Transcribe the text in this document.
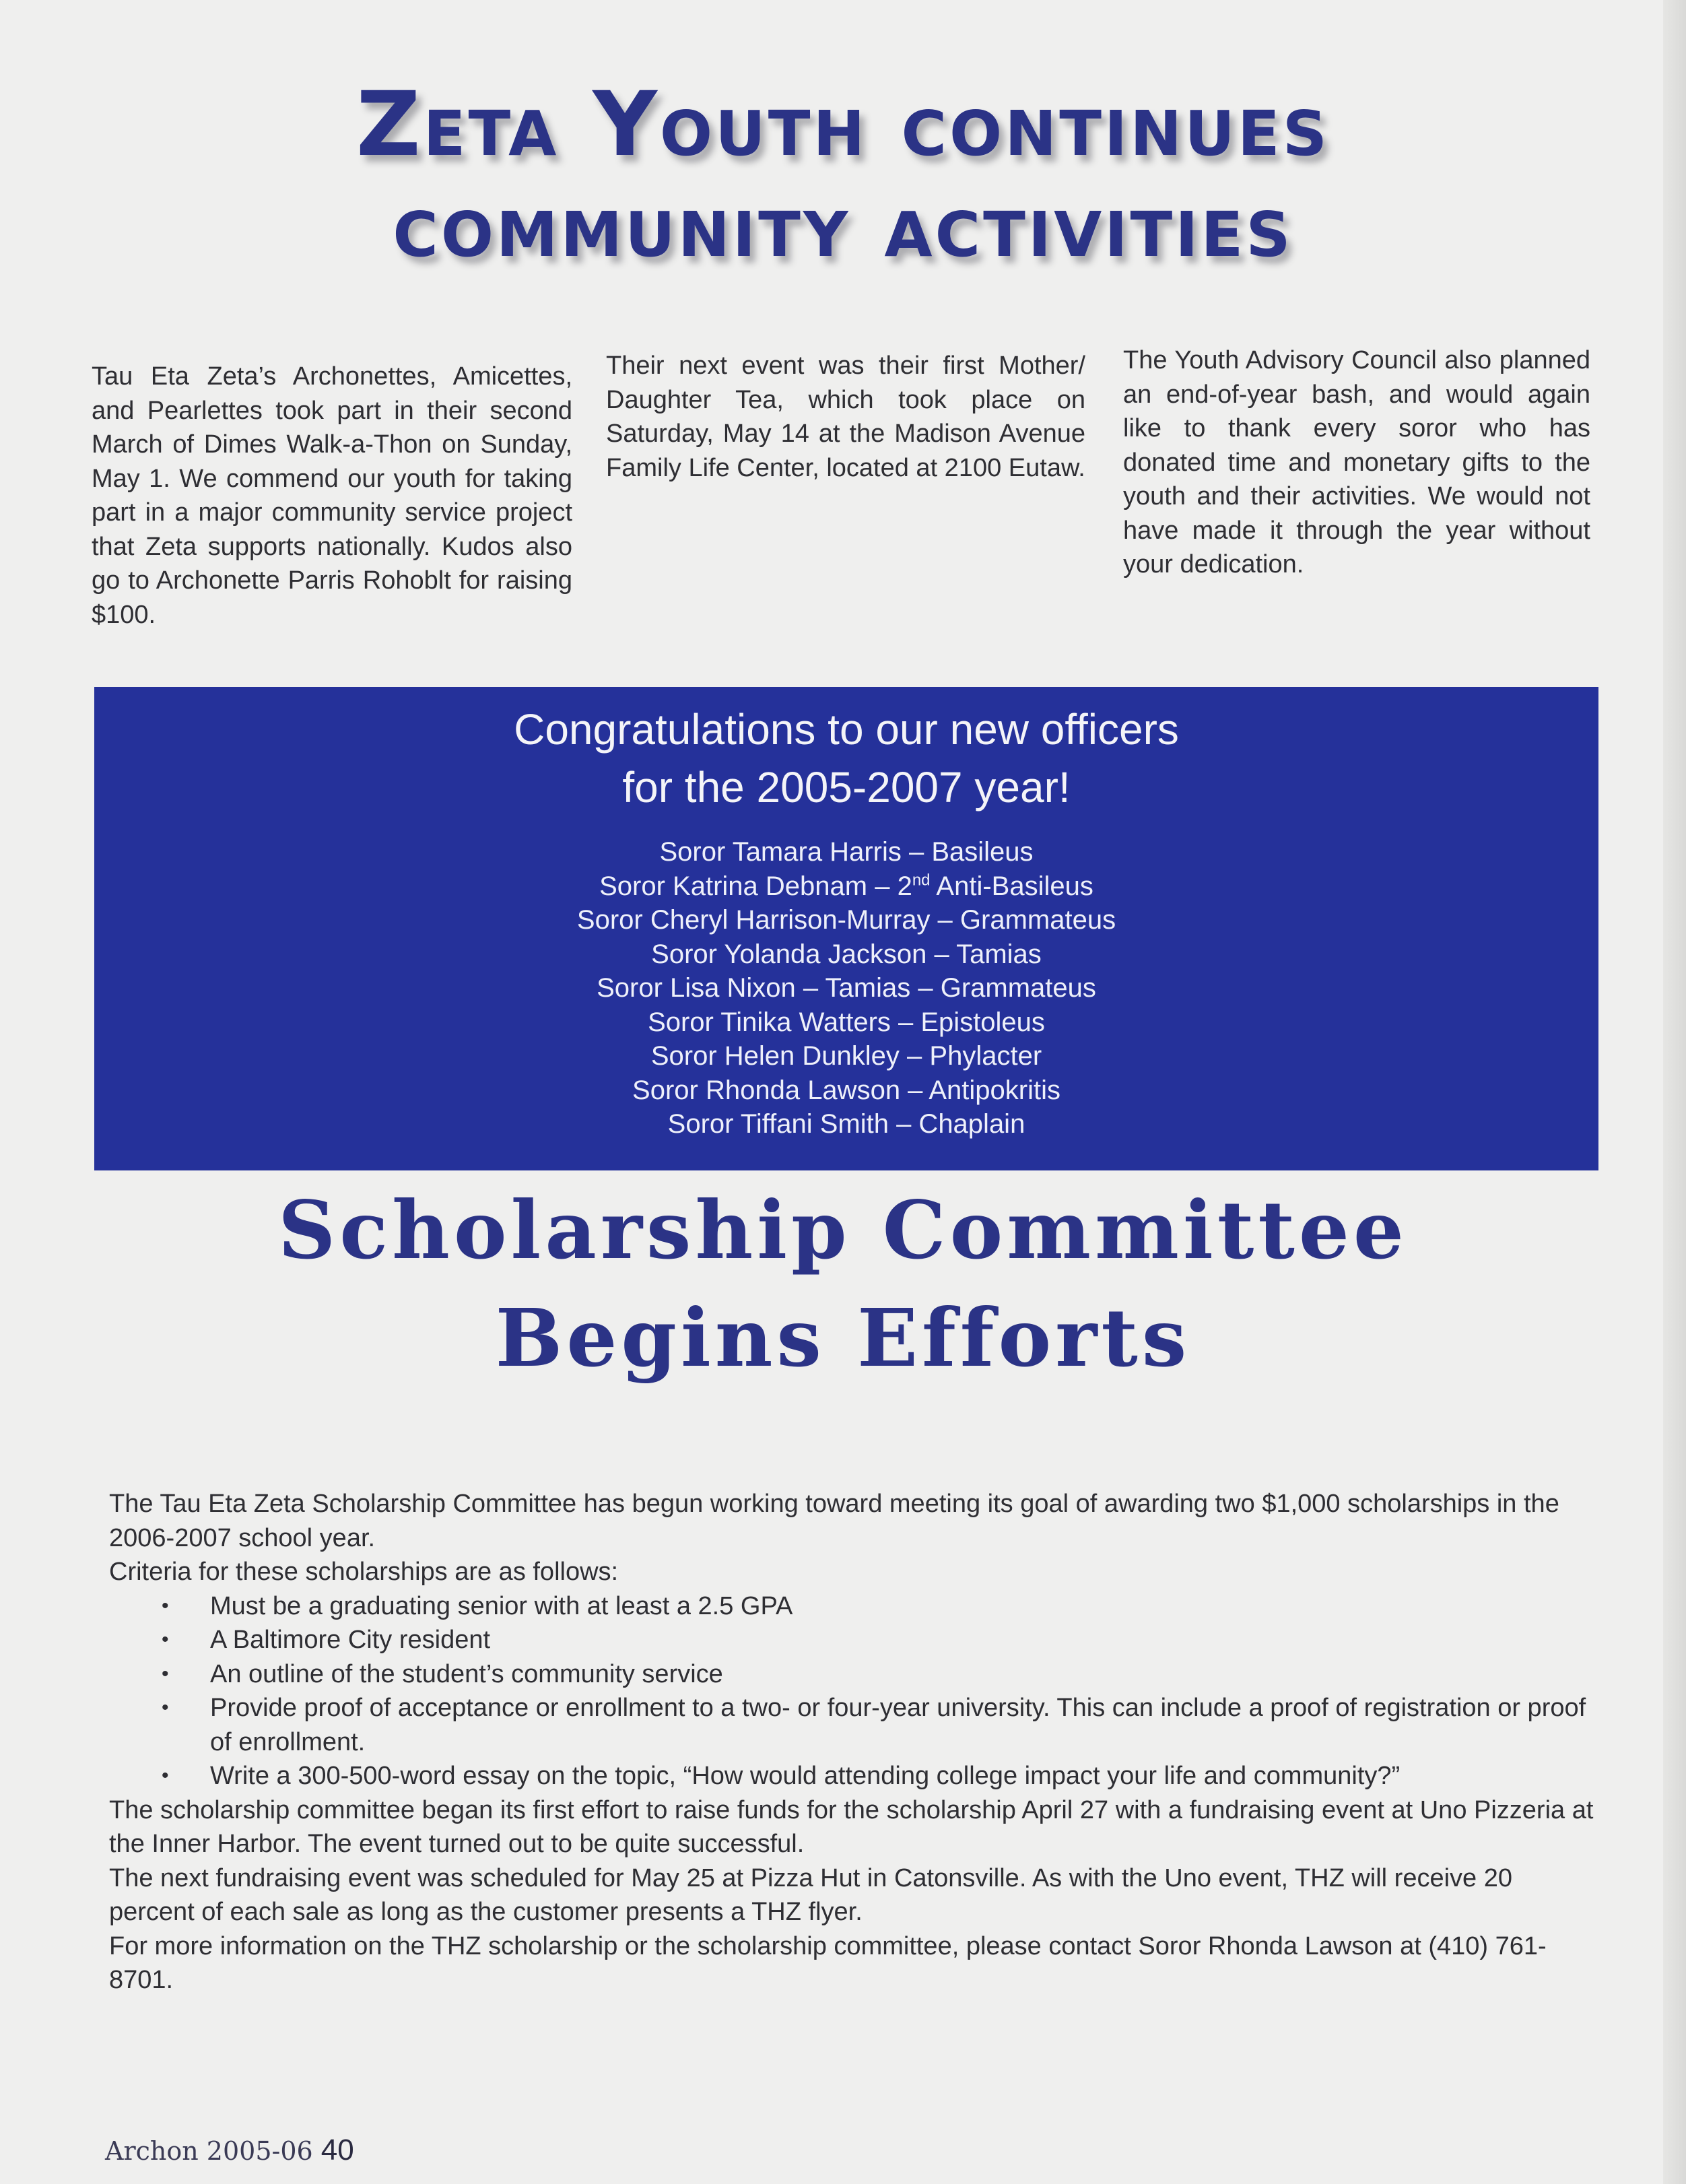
Zeta Youth continues
community activities
Tau Eta Zeta’s Archonettes, Amicettes, and Pearlettes took part in their second March of Dimes Walk-a-Thon on Sunday, May 1. We commend our youth for taking part in a major community service project that Zeta supports nationally. Kudos also go to Archonette Parris Rohoblt for raising $100.
Their next event was their first Mother/ Daughter Tea, which took place on Saturday, May 14 at the Madison Avenue Family Life Center, located at 2100 Eutaw.
The Youth Advisory Council also planned an end-of-year bash, and would again like to thank every soror who has donated time and monetary gifts to the youth and their activities. We would not have made it through the year without your dedication.
Congratulations to our new officers
for the 2005-2007 year!
Soror Tamara Harris – Basileus
Soror Katrina Debnam – 2nd Anti-Basileus
Soror Cheryl Harrison-Murray – Grammateus
Soror Yolanda Jackson – Tamias
Soror Lisa Nixon – Tamias – Grammateus
Soror Tinika Watters – Epistoleus
Soror Helen Dunkley – Phylacter
Soror Rhonda Lawson – Antipokritis
Soror Tiffani Smith – Chaplain
Scholarship Committee
Begins Efforts

The Tau Eta Zeta Scholarship Committee has begun working toward meeting its goal of awarding two $1,000 scholarships in the 2006-2007 school year.

Criteria for these scholarships are as follows:

• Must be a graduating senior with at least a 2.5 GPA
• A Baltimore City resident
• An outline of the student’s community service
• Provide proof of acceptance or enrollment to a two- or four-year university. This can include a proof of registration or proof of enrollment.
• Write a 300-500-word essay on the topic, “How would attending college impact your life and community?”

The scholarship committee began its first effort to raise funds for the scholarship April 27 with a fundraising event at Uno Pizzeria at the Inner Harbor. The event turned out to be quite successful.

The next fundraising event was scheduled for May 25 at Pizza Hut in Catonsville. As with the Uno event, THZ will receive 20 percent of each sale as long as the customer presents a THZ flyer.

For more information on the THZ scholarship or the scholarship committee, please contact Soror Rhonda Lawson at (410) 761-8701.

Archon 2005-06 40
